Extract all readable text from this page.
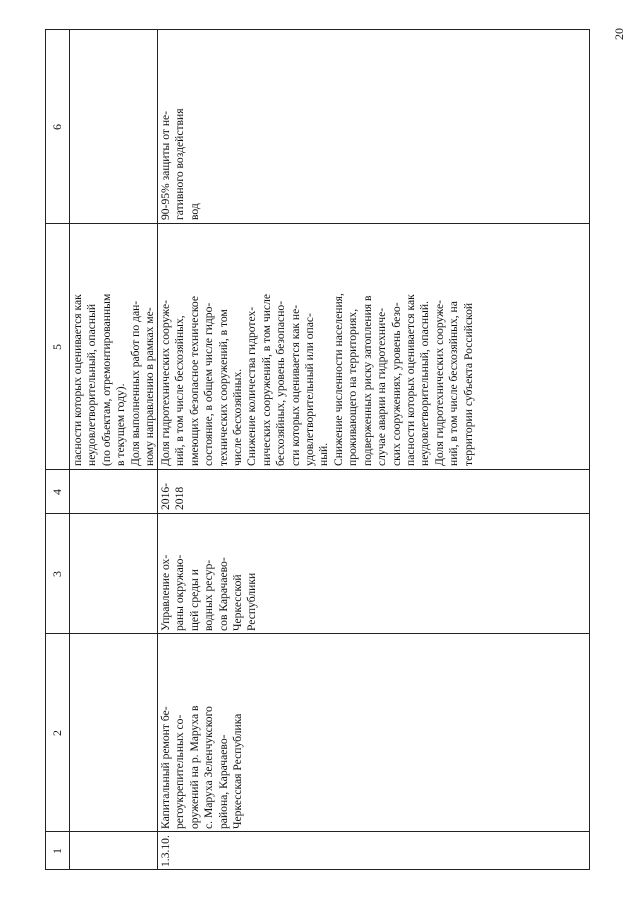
20
1
2
3
4
5
6

пасности которых оценивается как неудовлетворительный, опасный (по объектам, отремонтированным в текущем году). Доля выполненных работ по дан- ному направлению в рамках ме-

1.3.10.

Капитальный ремонт бе- регоукрепительных со- оружений на р. Маруха в с. Маруха Зеленчукского района, Карачаево- Черкесская Республика

Управление ох- раны окружаю- щей среды и водных ресур- сов Карачаево- Черкесской Республики

2016- 2018

Доля гидротехнических сооруже- ний, в том числе бесхозяйных, имеющих безопасное техническое состояние, в общем числе гидро- технических сооружений, в том числе бесхозяйных. Снижение количества гидротех- нических сооружений, в том числе бесхозяйных, уровень безопасно- сти которых оценивается как не- удовлетворительный или опас- ный. Снижение численности населения, проживающего на территориях, подверженных риску затопления в случае аварии на гидротехниче- ских сооружениях, уровень безо- пасности которых оценивается как неудовлетворительный, опасный. Доля гидротехнических сооруже- ний, в том числе бесхозяйных, на территории субъекта Российской

90-95% защиты от не- гативного воздействия вод
